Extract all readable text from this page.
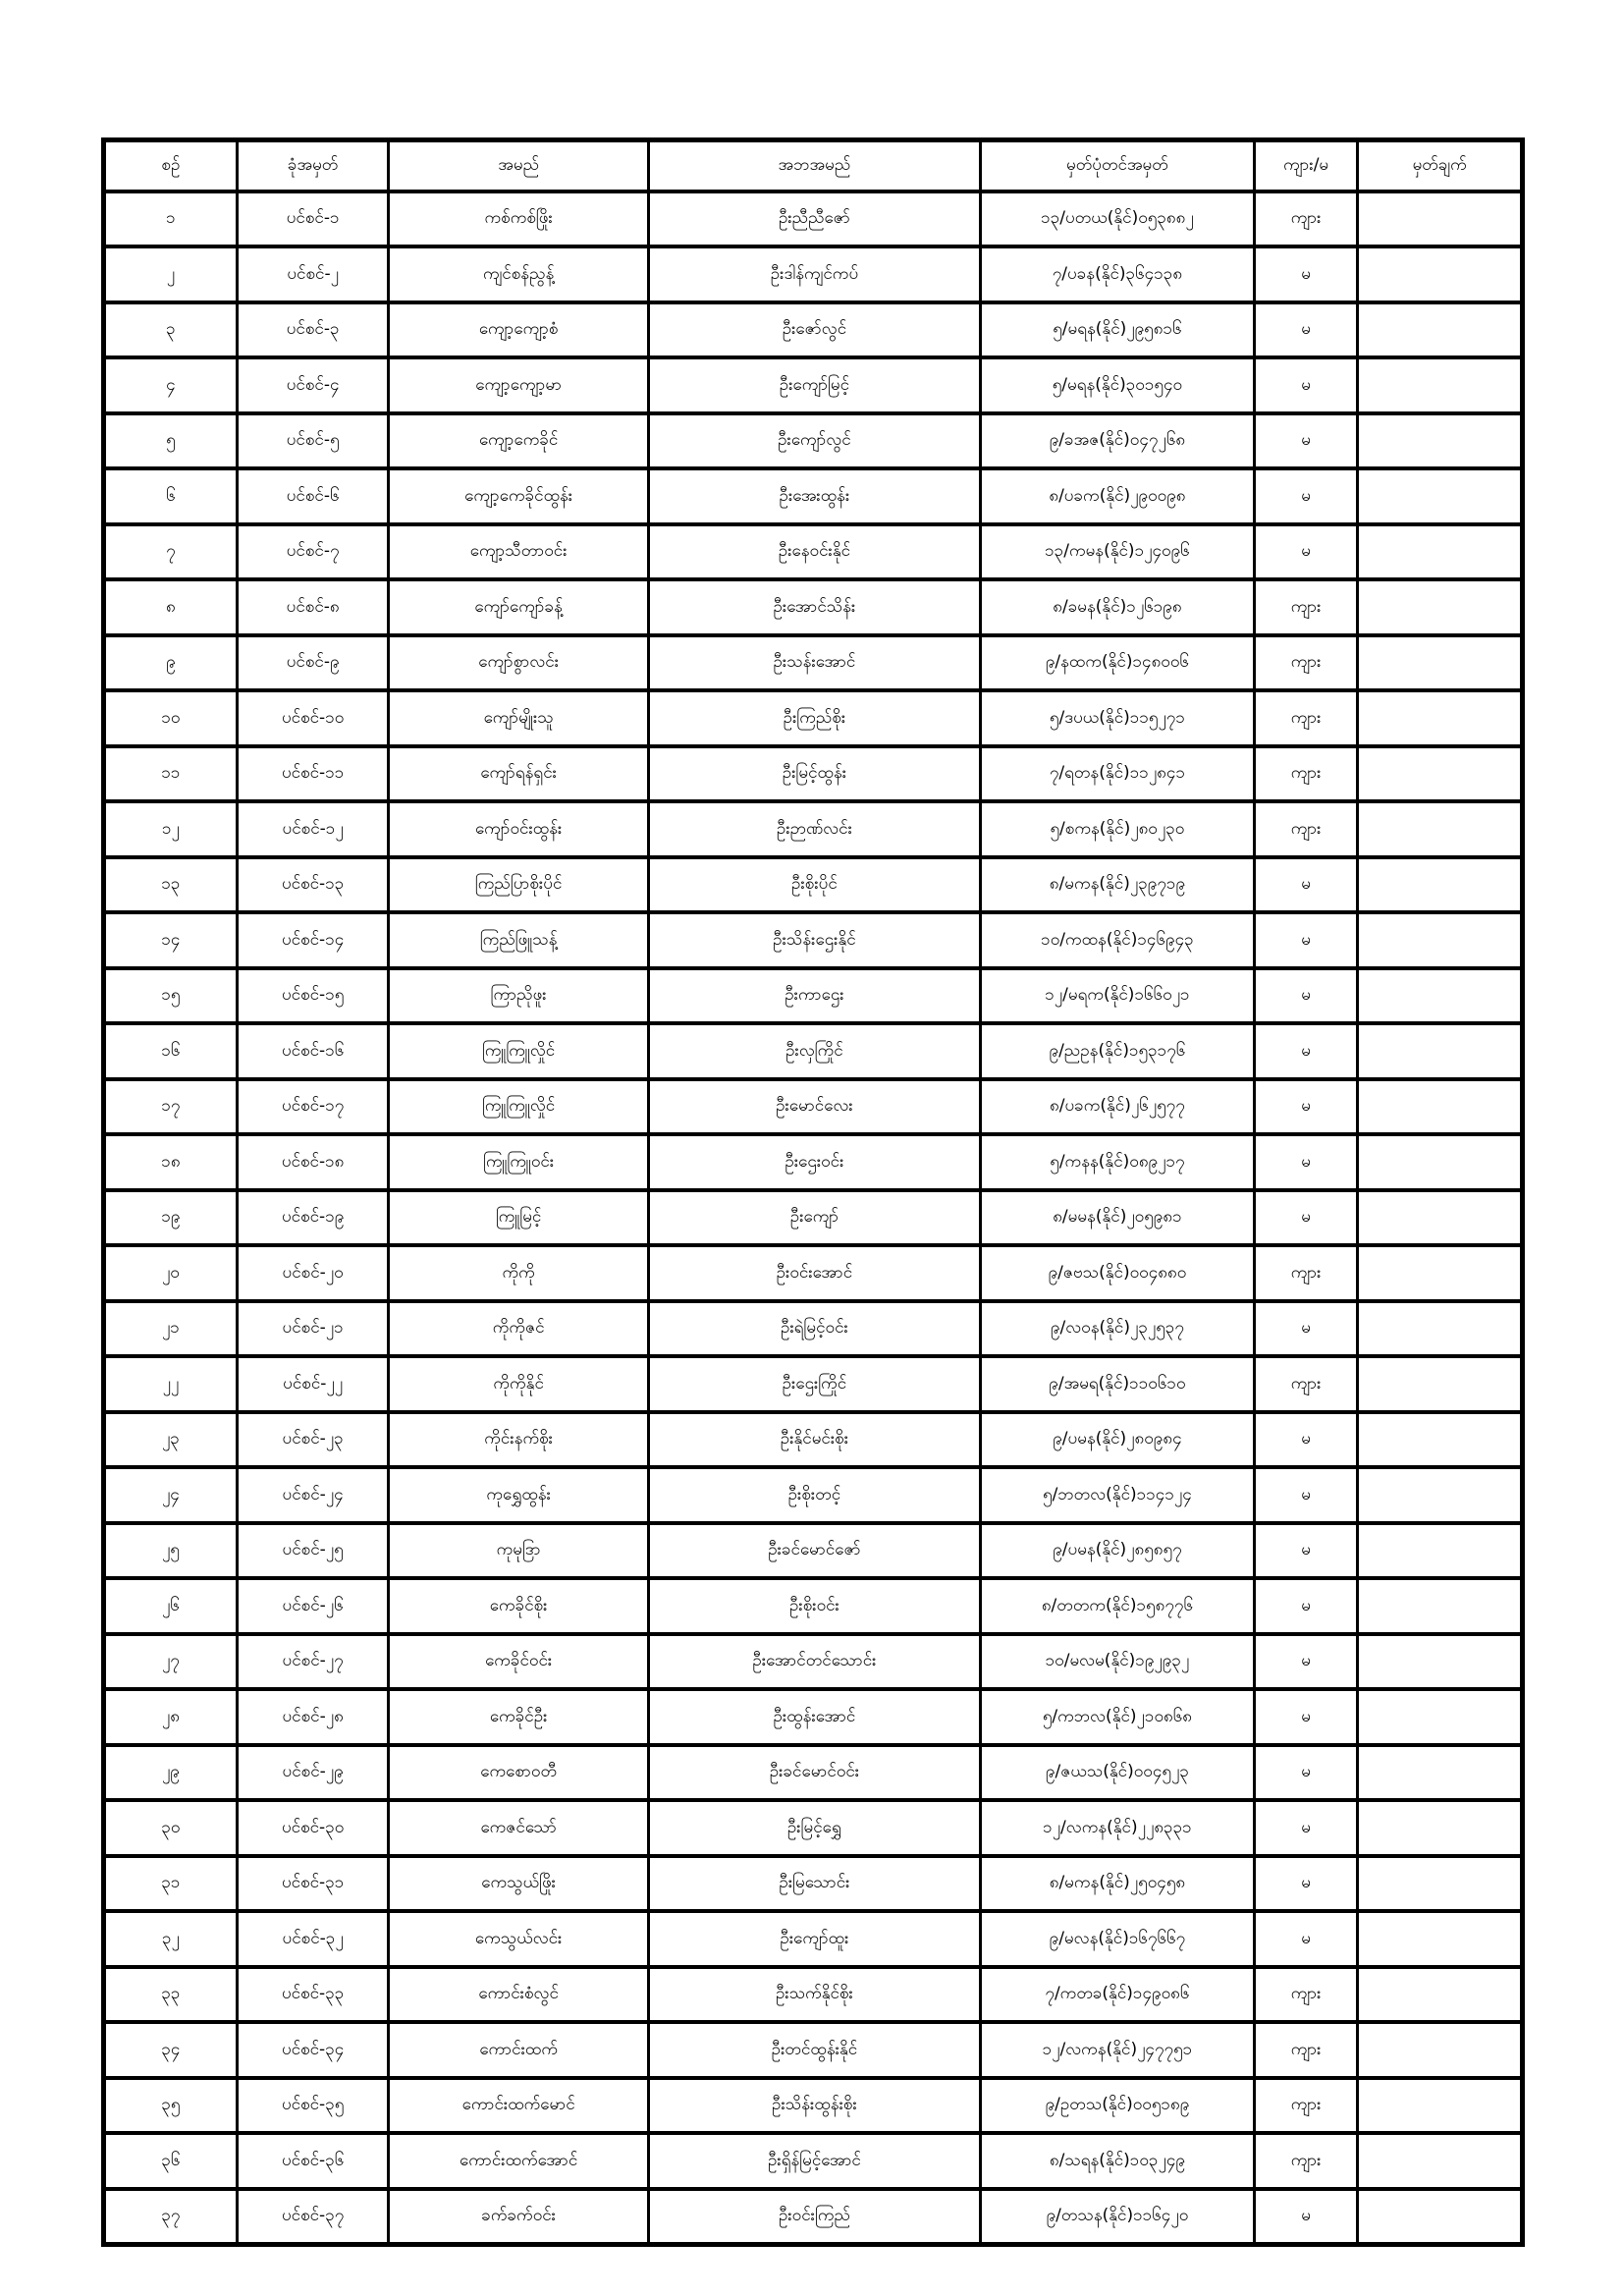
စဉ်	ခုံအမှတ်	အမည်	အဘအမည်	မှတ်ပုံတင်အမှတ်	ကျား/မ	မှတ်ချက်
၁	ပင်စင်-၁	ကစ်ကစ်ဖြိုး	ဦးညီညီဇော်	၁၃/ပတယ(နိုင်)၀၅၃၈၈၂	ကျား	
၂	ပင်စင်-၂	ကျင်စန်ညွန့်	ဦးဒါန်ကျင်ကပ်	၇/ပခန(နိုင်)၃၆၄၁၃၈	မ	
၃	ပင်စင်-၃	ကျော့ကျော့စံ	ဦးဇော်လွင်	၅/မရန(နိုင်)၂၉၅၈၁၆	မ	
၄	ပင်စင်-၄	ကျော့ကျော့မာ	ဦးကျော်မြင့်	၅/မရန(နိုင်)၃၀၁၅၄၀	မ	
၅	ပင်စင်-၅	ကျော့ကေခိုင်	ဦးကျော်လွင်	၉/ခအဇ(နိုင်)၀၄၇၂၆၈	မ	
၆	ပင်စင်-၆	ကျော့ကေခိုင်ထွန်း	ဦးအေးထွန်း	၈/ပခက(နိုင်)၂၉၀၀၉၈	မ	
၇	ပင်စင်-၇	ကျော့သီတာဝင်း	ဦးနေဝင်းနိုင်	၁၃/ကမန(နိုင်)၁၂၄၀၉၆	မ	
၈	ပင်စင်-၈	ကျော်ကျော်ခန့်	ဦးအောင်သိန်း	၈/ခမန(နိုင်)၁၂၆၁၉၈	ကျား	
၉	ပင်စင်-၉	ကျော်စွာလင်း	ဦးသန်းအောင်	၉/နထက(နိုင်)၁၄၈၀၀၆	ကျား	
၁၀	ပင်စင်-၁၀	ကျော်မျိုးသူ	ဦးကြည်စိုး	၅/ဒပယ(နိုင်)၁၁၅၂၇၁	ကျား	
၁၁	ပင်စင်-၁၁	ကျော်ရန်ရှင်း	ဦးမြင့်ထွန်း	၇/ရတန(နိုင်)၁၁၂၈၄၁	ကျား	
၁၂	ပင်စင်-၁၂	ကျော်ဝင်းထွန်း	ဦးဉာဏ်လင်း	၅/စကန(နိုင်)၂၈၀၂၃၀	ကျား	
၁၃	ပင်စင်-၁၃	ကြည်ပြာစိုးပိုင်	ဦးစိုးပိုင်	၈/မကန(နိုင်)၂၃၉၇၁၉	မ	
၁၄	ပင်စင်-၁၄	ကြည်ဖြူသန့်	ဦးသိန်းဌေးနိုင်	၁၀/ကထန(နိုင်)၁၄၆၉၄၃	မ	
၁၅	ပင်စင်-၁၅	ကြာညိုဖူး	ဦးကာဌေး	၁၂/မရက(နိုင်)၁၆၆၀၂၁	မ	
၁၆	ပင်စင်-၁၆	ကြူကြူလှိုင်	ဦးလှကြိုင်	၉/ညဥန(နိုင်)၁၅၃၁၇၆	မ	
၁၇	ပင်စင်-၁၇	ကြူကြူလှိုင်	ဦးမောင်လေး	၈/ပခက(နိုင်)၂၆၂၅၇၇	မ	
၁၈	ပင်စင်-၁၈	ကြူကြူဝင်း	ဦးဌေးဝင်း	၅/ကနန(နိုင်)၀၈၉၂၁၇	မ	
၁၉	ပင်စင်-၁၉	ကြူမြင့်	ဦးကျော်	၈/မမန(နိုင်)၂၀၅၉၈၁	မ	
၂၀	ပင်စင်-၂၀	ကိုကို	ဦးဝင်းအောင်	၉/ဇဗသ(နိုင်)၀၀၄၈၈၀	ကျား	
၂၁	ပင်စင်-၂၁	ကိုကိုဇင်	ဦးရဲမြင့်ဝင်း	၉/လဝန(နိုင်)၂၃၂၅၃၇	မ	
၂၂	ပင်စင်-၂၂	ကိုကိုနိုင်	ဦးဌေးကြိုင်	၉/အမရ(နိုင်)၁၁၀၆၁၀	ကျား	
၂၃	ပင်စင်-၂၃	ကိုင်းနက်စိုး	ဦးနိုင်မင်းစိုး	၉/ပမန(နိုင်)၂၈၀၉၈၄	မ	
၂၄	ပင်စင်-၂၄	ကုရွှေထွန်း	ဦးစိုးတင့်	၅/ဘတလ(နိုင်)၁၁၄၁၂၄	မ	
၂၅	ပင်စင်-၂၅	ကုမုဒြာ	ဦးခင်မောင်ဇော်	၉/ပမန(နိုင်)၂၈၅၈၅၇	မ	
၂၆	ပင်စင်-၂၆	ကေခိုင်စိုး	ဦးစိုးဝင်း	၈/တတက(နိုင်)၁၅၈၇၇၆	မ	
၂၇	ပင်စင်-၂၇	ကေခိုင်ဝင်း	ဦးအောင်တင်သောင်း	၁၀/မလမ(နိုင်)၁၉၂၉၃၂	မ	
၂၈	ပင်စင်-၂၈	ကေခိုင်ဦး	ဦးထွန်းအောင်	၅/ကဘလ(နိုင်)၂၁၀၈၆၈	မ	
၂၉	ပင်စင်-၂၉	ကေစောဝတီ	ဦးခင်မောင်ဝင်း	၉/ဇယသ(နိုင်)၀၀၄၅၂၃	မ	
၃၀	ပင်စင်-၃၀	ကေဇင်သော်	ဦးမြင့်ရွှေ	၁၂/လကန(နိုင်)၂၂၈၃၃၁	မ	
၃၁	ပင်စင်-၃၁	ကေသွယ်ဖြိုး	ဦးမြသောင်း	၈/မကန(နိုင်)၂၅၀၄၅၈	မ	
၃၂	ပင်စင်-၃၂	ကေသွယ်လင်း	ဦးကျော်ထူး	၉/မလန(နိုင်)၁၆၇၆၆၇	မ	
၃၃	ပင်စင်-၃၃	ကောင်းစံလွင်	ဦးသက်နိုင်စိုး	၇/ကတခ(နိုင်)၁၄၉၀၈၆	ကျား	
၃၄	ပင်စင်-၃၄	ကောင်းထက်	ဦးတင်ထွန်းနိုင်	၁၂/လကန(နိုင်)၂၄၇၇၅၁	ကျား	
၃၅	ပင်စင်-၃၅	ကောင်းထက်မောင်	ဦးသိန်းထွန်းစိုး	၉/ဥတသ(နိုင်)၀၀၅၁၈၉	ကျား	
၃၆	ပင်စင်-၃၆	ကောင်းထက်အောင်	ဦးရှိန်မြင့်အောင်	၈/သရန(နိုင်)၁၀၃၂၄၉	ကျား	
၃၇	ပင်စင်-၃၇	ခက်ခက်ဝင်း	ဦးဝင်းကြည်	၉/တသန(နိုင်)၁၁၆၄၂၀	မ	
